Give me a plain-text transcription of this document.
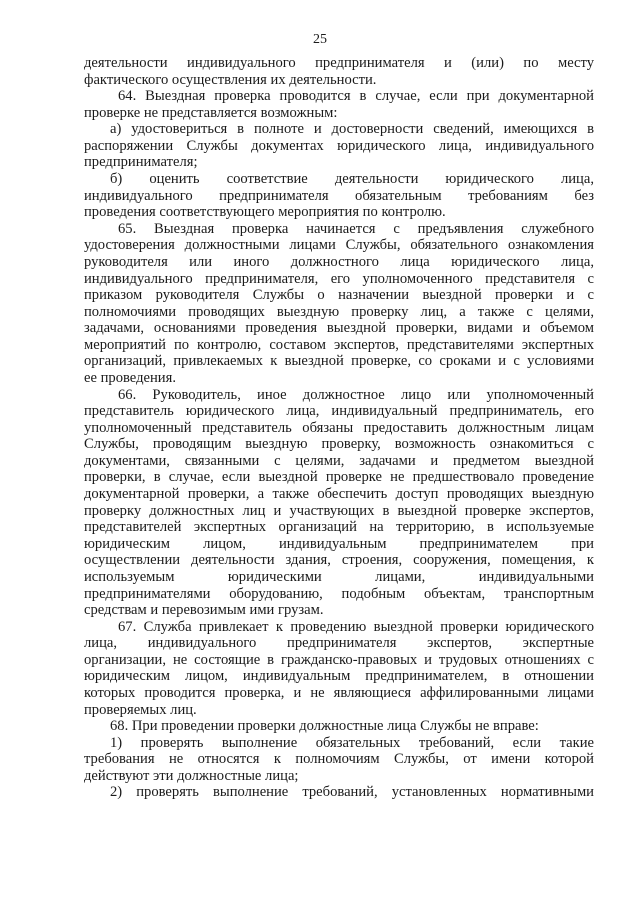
25

деятельности индивидуального предпринимателя и (или) по месту

фактического осуществления их деятельности.

64. Выездная проверка проводится в случае, если при документарной

проверке не представляется возможным:

а) удостовериться в полноте и достоверности сведений, имеющихся в

распоряжении Службы документах юридического лица, индивидуального

предпринимателя;

б) оценить соответствие деятельности юридического лица,

индивидуального предпринимателя обязательным требованиям без

проведения соответствующего мероприятия по контролю.

65. Выездная проверка начинается с предъявления служебного

удостоверения должностными лицами Службы, обязательного ознакомления

руководителя или иного должностного лица юридического лица,

индивидуального предпринимателя, его уполномоченного представителя с

приказом руководителя Службы о назначении выездной проверки и с

полномочиями проводящих выездную проверку лиц, а также с целями,

задачами, основаниями проведения выездной проверки, видами и объемом

мероприятий по контролю, составом экспертов, представителями экспертных

организаций, привлекаемых к выездной проверке, со сроками и с условиями

ее проведения.

66. Руководитель, иное должностное лицо или уполномоченный

представитель юридического лица, индивидуальный предприниматель, его

уполномоченный представитель обязаны предоставить должностным лицам

Службы, проводящим выездную проверку, возможность ознакомиться с

документами, связанными с целями, задачами и предметом выездной

проверки, в случае, если выездной проверке не предшествовало проведение

документарной проверки, а также обеспечить доступ проводящих выездную

проверку должностных лиц и участвующих в выездной проверке экспертов,

представителей экспертных организаций на территорию, в используемые

юридическим лицом, индивидуальным предпринимателем при

осуществлении деятельности здания, строения, сооружения, помещения, к

используемым юридическими лицами, индивидуальными

предпринимателями оборудованию, подобным объектам, транспортным

средствам и перевозимым ими грузам.

67. Служба привлекает к проведению выездной проверки юридического

лица, индивидуального предпринимателя экспертов, экспертные

организации, не состоящие в гражданско-правовых и трудовых отношениях с

юридическим лицом, индивидуальным предпринимателем, в отношении

которых проводится проверка, и не являющиеся аффилированными лицами

проверяемых лиц.

68. При проведении проверки должностные лица Службы не вправе:

1) проверять выполнение обязательных требований, если такие

требования не относятся к полномочиям Службы, от имени которой

действуют эти должностные лица;

2) проверять выполнение требований, установленных нормативными
